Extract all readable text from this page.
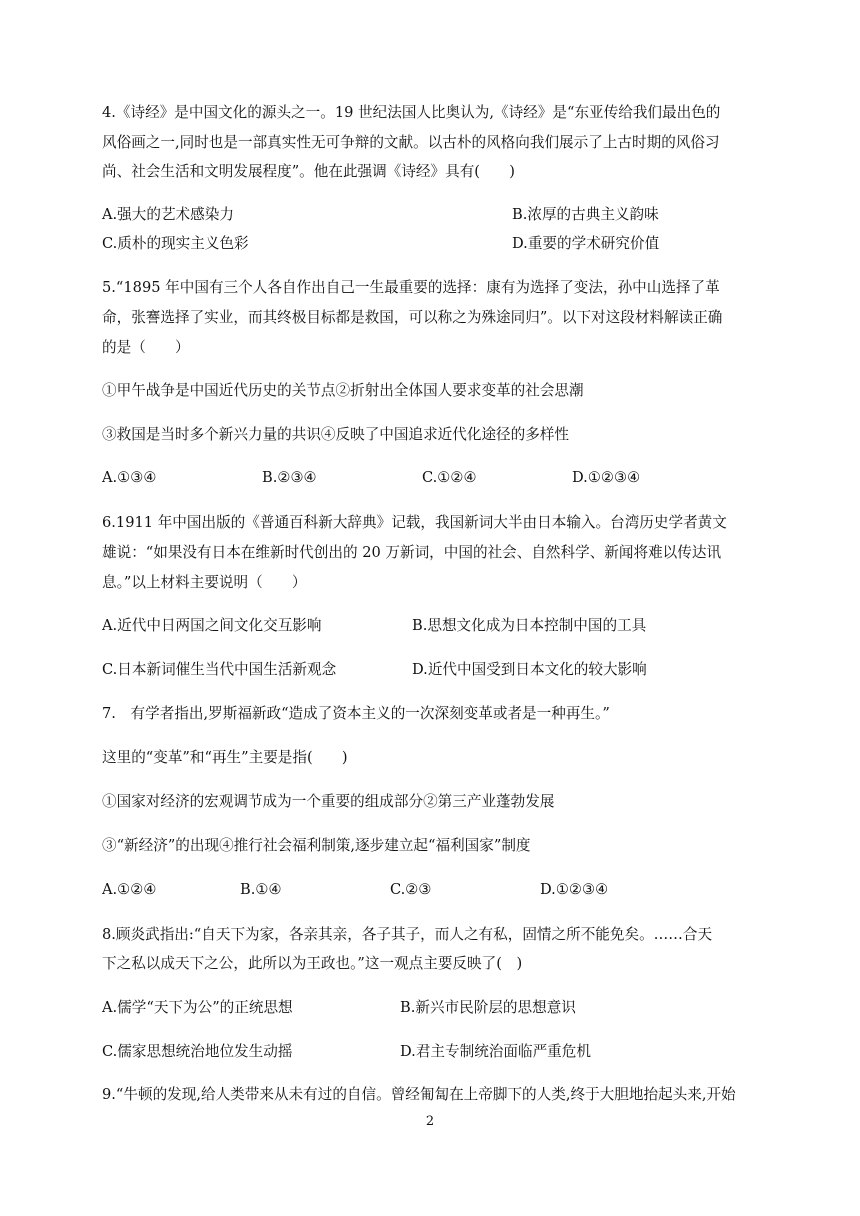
4.《诗经》是中国文化的源头之一。19 世纪法国人比奥认为,《诗经》是“东亚传给我们最出色的
风俗画之一,同时也是一部真实性无可争辩的文献。以古朴的风格向我们展示了上古时期的风俗习
尚、社会生活和文明发展程度”。他在此强调《诗经》具有(　　)
A.强大的艺术感染力	B.浓厚的古典主义韵味
C.质朴的现实主义色彩	D.重要的学术研究价值
5.“1895 年中国有三个人各自作出自己一生最重要的选择：康有为选择了变法，孙中山选择了革
命，张謇选择了实业，而其终极目标都是救国，可以称之为殊途同归”。以下对这段材料解读正确
的是（　　）
①甲午战争是中国近代历史的关节点②折射出全体国人要求变革的社会思潮
③救国是当时多个新兴力量的共识④反映了中国追求近代化途径的多样性
A.①③④	B.②③④	C.①②④	D.①②③④
6.1911 年中国出版的《普通百科新大辞典》记载，我国新词大半由日本输入。台湾历史学者黄文
雄说：“如果没有日本在维新时代创出的 20 万新词，中国的社会、自然科学、新闻将难以传达讯
息。”以上材料主要说明（　　）
A.近代中日两国之间文化交互影响	B.思想文化成为日本控制中国的工具
C.日本新词催生当代中国生活新观念	D.近代中国受到日本文化的较大影响
7.　有学者指出,罗斯福新政“造成了资本主义的一次深刻变革或者是一种再生。”
这里的“变革”和“再生”主要是指(　　)
①国家对经济的宏观调节成为一个重要的组成部分②第三产业蓬勃发展
③“新经济”的出现④推行社会福利制策,逐步建立起“福利国家”制度
A.①②④	B.①④	C.②③	D.①②③④
8.顾炎武指出:“自天下为家，各亲其亲，各子其子，而人之有私，固情之所不能免矣。……合天
下之私以成天下之公，此所以为王政也。”这一观点主要反映了(　)
A.儒学“天下为公”的正统思想	B.新兴市民阶层的思想意识
C.儒家思想统治地位发生动摇	D.君主专制统治面临严重危机
9.“牛顿的发现,给人类带来从未有过的自信。曾经匍匐在上帝脚下的人类,终于大胆地抬起头来,开始
2
